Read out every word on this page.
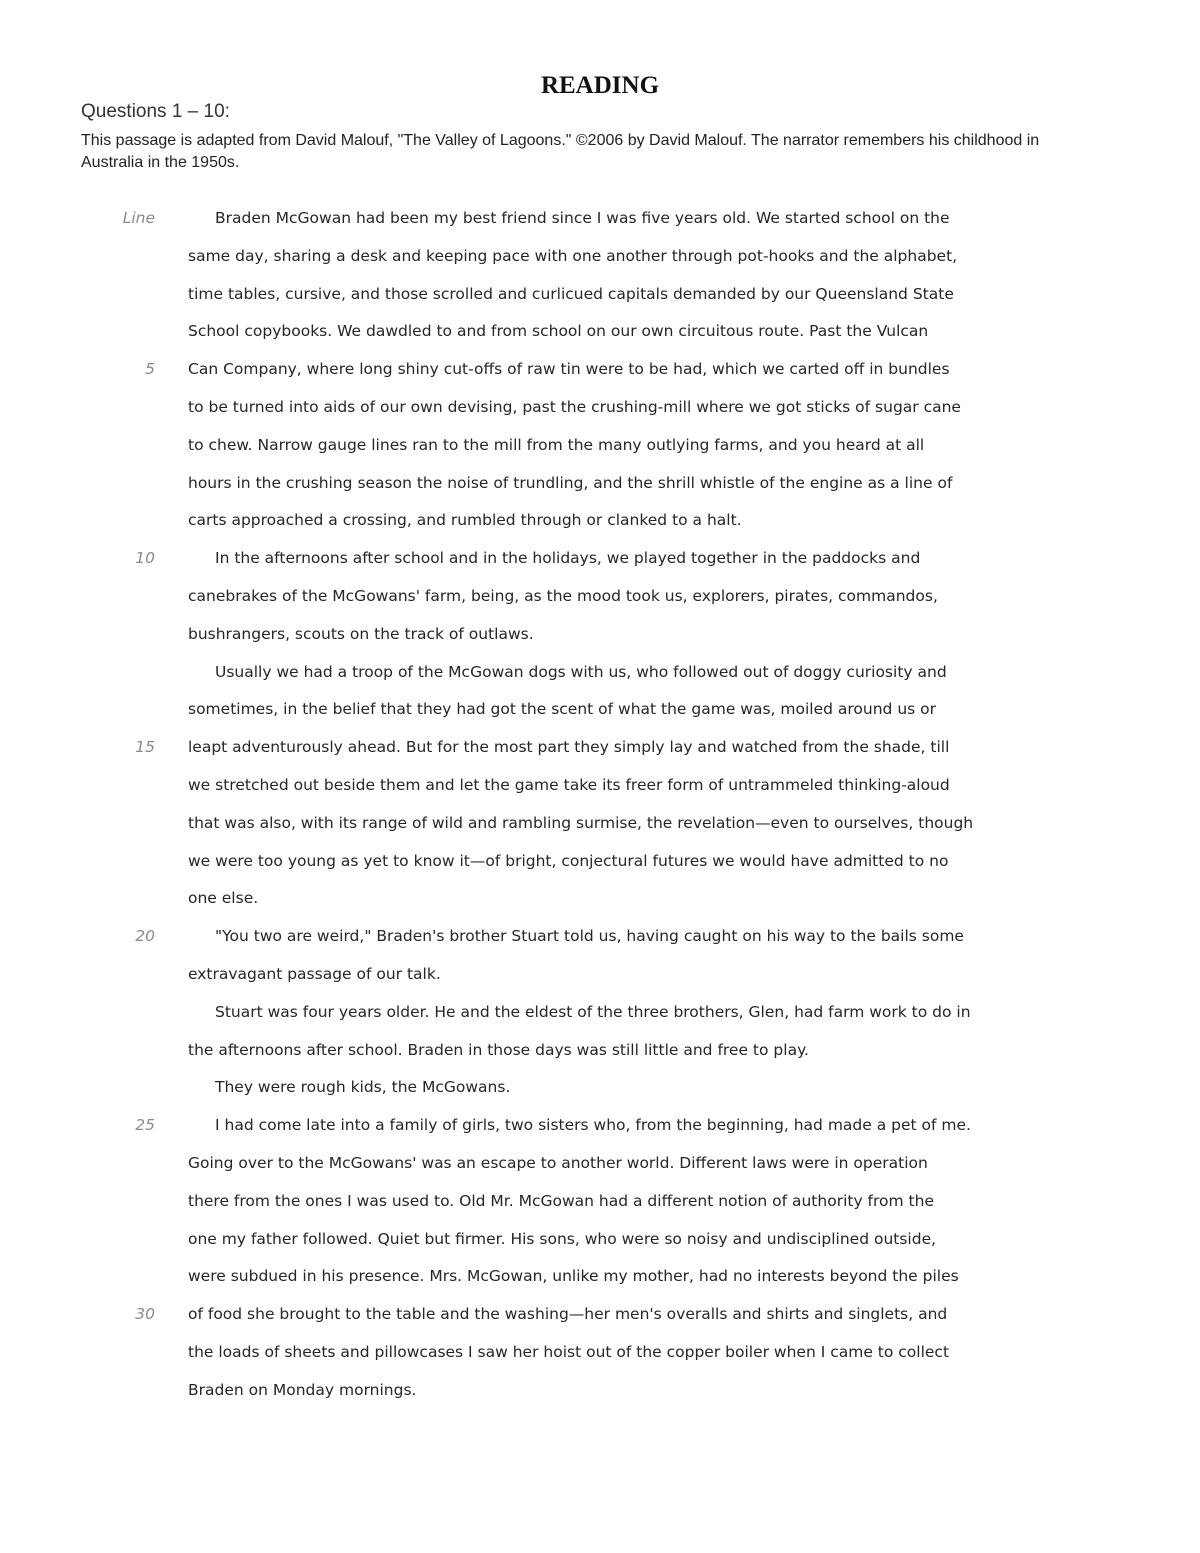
READING
Questions 1 – 10:
This passage is adapted from David Malouf, "The Valley of Lagoons." ©2006 by David Malouf. The narrator remembers his childhood in Australia in the 1950s.
Line	Braden McGowan had been my best friend since I was five years old. We started school on the
same day, sharing a desk and keeping pace with one another through pot-hooks and the alphabet,
time tables, cursive, and those scrolled and curlicued capitals demanded by our Queensland State
School copybooks. We dawdled to and from school on our own circuitous route. Past the Vulcan
5 Can Company, where long shiny cut-offs of raw tin were to be had, which we carted off in bundles
to be turned into aids of our own devising, past the crushing-mill where we got sticks of sugar cane
to chew. Narrow gauge lines ran to the mill from the many outlying farms, and you heard at all
hours in the crushing season the noise of trundling, and the shrill whistle of the engine as a line of
carts approached a crossing, and rumbled through or clanked to a halt.
10	In the afternoons after school and in the holidays, we played together in the paddocks and
canebrakes of the McGowans' farm, being, as the mood took us, explorers, pirates, commandos,
bushrangers, scouts on the track of outlaws.
Usually we had a troop of the McGowan dogs with us, who followed out of doggy curiosity and
sometimes, in the belief that they had got the scent of what the game was, moiled around us or
15 leapt adventurously ahead. But for the most part they simply lay and watched from the shade, till
we stretched out beside them and let the game take its freer form of untrammeled thinking-aloud
that was also, with its range of wild and rambling surmise, the revelation—even to ourselves, though
we were too young as yet to know it—of bright, conjectural futures we would have admitted to no
one else.
20	"You two are weird," Braden's brother Stuart told us, having caught on his way to the bails some
extravagant passage of our talk.
Stuart was four years older. He and the eldest of the three brothers, Glen, had farm work to do in
the afternoons after school. Braden in those days was still little and free to play.
They were rough kids, the McGowans.
25	I had come late into a family of girls, two sisters who, from the beginning, had made a pet of me.
Going over to the McGowans' was an escape to another world. Different laws were in operation
there from the ones I was used to. Old Mr. McGowan had a different notion of authority from the
one my father followed. Quiet but firmer. His sons, who were so noisy and undisciplined outside,
were subdued in his presence. Mrs. McGowan, unlike my mother, had no interests beyond the piles
30 of food she brought to the table and the washing—her men's overalls and shirts and singlets, and
the loads of sheets and pillowcases I saw her hoist out of the copper boiler when I came to collect
Braden on Monday mornings.
